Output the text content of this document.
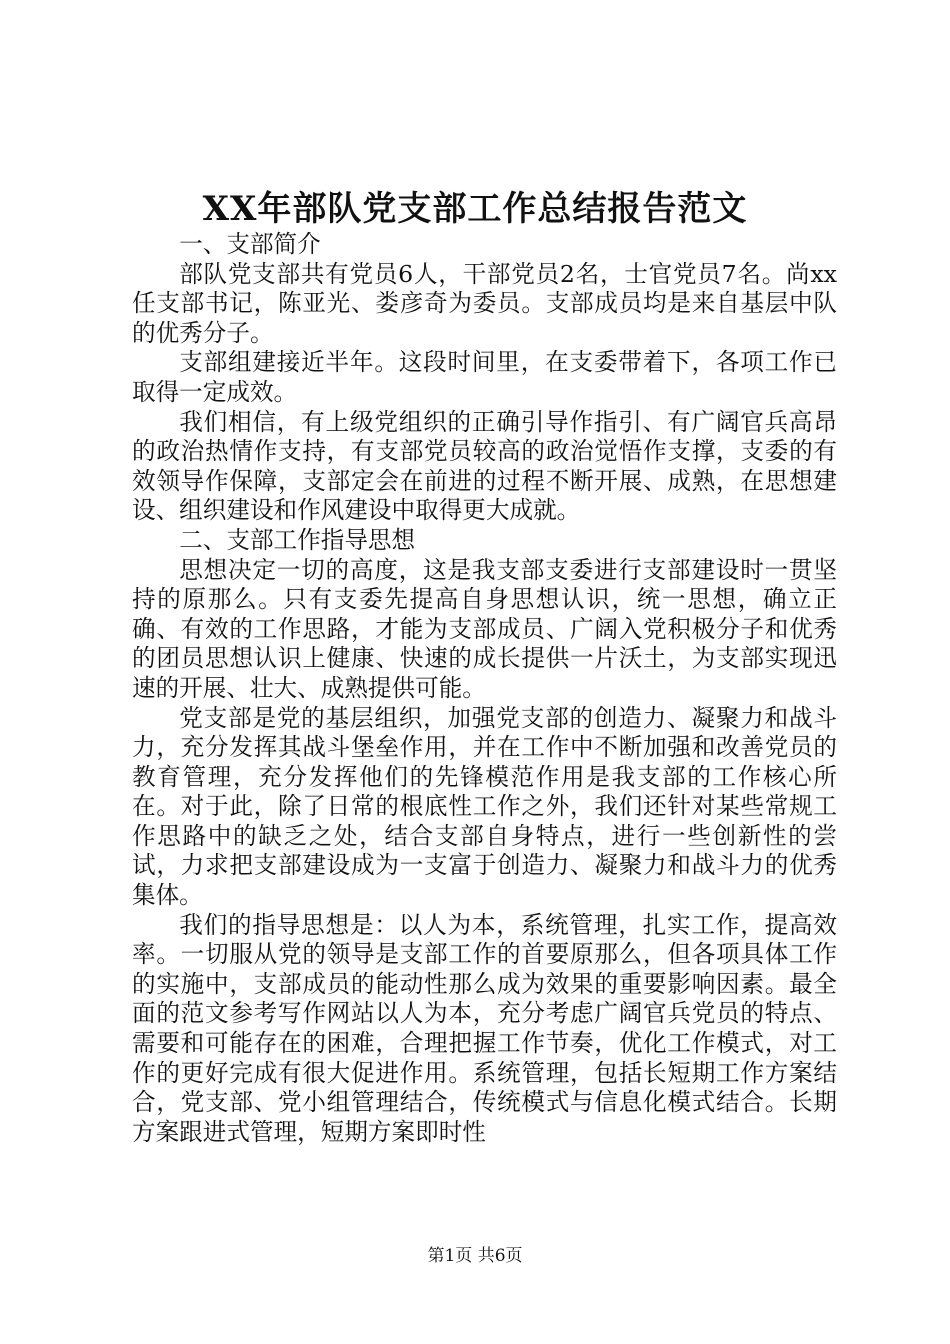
XX年部队党支部工作总结报告范文

一、支部简介

部队党支部共有党员6人，干部党员2名，士官党员7名。尚xx任支部书记，陈亚光、娄彦奇为委员。支部成员均是来自基层中队的优秀分子。

支部组建接近半年。这段时间里，在支委带着下，各项工作已取得一定成效。

我们相信，有上级党组织的正确引导作指引、有广阔官兵高昂的政治热情作支持，有支部党员较高的政治觉悟作支撑，支委的有效领导作保障，支部定会在前进的过程不断开展、成熟，在思想建设、组织建设和作风建设中取得更大成就。

二、支部工作指导思想

思想决定一切的高度，这是我支部支委进行支部建设时一贯坚持的原那么。只有支委先提高自身思想认识，统一思想，确立正确、有效的工作思路，才能为支部成员、广阔入党积极分子和优秀的团员思想认识上健康、快速的成长提供一片沃土，为支部实现迅速的开展、壮大、成熟提供可能。

党支部是党的基层组织，加强党支部的创造力、凝聚力和战斗力，充分发挥其战斗堡垒作用，并在工作中不断加强和改善党员的教育管理，充分发挥他们的先锋模范作用是我支部的工作核心所在。对于此，除了日常的根底性工作之外，我们还针对某些常规工作思路中的缺乏之处，结合支部自身特点，进行一些创新性的尝试，力求把支部建设成为一支富于创造力、凝聚力和战斗力的优秀集体。

我们的指导思想是：以人为本，系统管理，扎实工作，提高效率。一切服从党的领导是支部工作的首要原那么，但各项具体工作的实施中，支部成员的能动性那么成为效果的重要影响因素。最全面的范文参考写作网站以人为本，充分考虑广阔官兵党员的特点、需要和可能存在的困难，合理把握工作节奏，优化工作模式，对工作的更好完成有很大促进作用。系统管理，包括长短期工作方案结合，党支部、党小组管理结合，传统模式与信息化模式结合。长期方案跟进式管理，短期方案即时性

第1页 共6页
